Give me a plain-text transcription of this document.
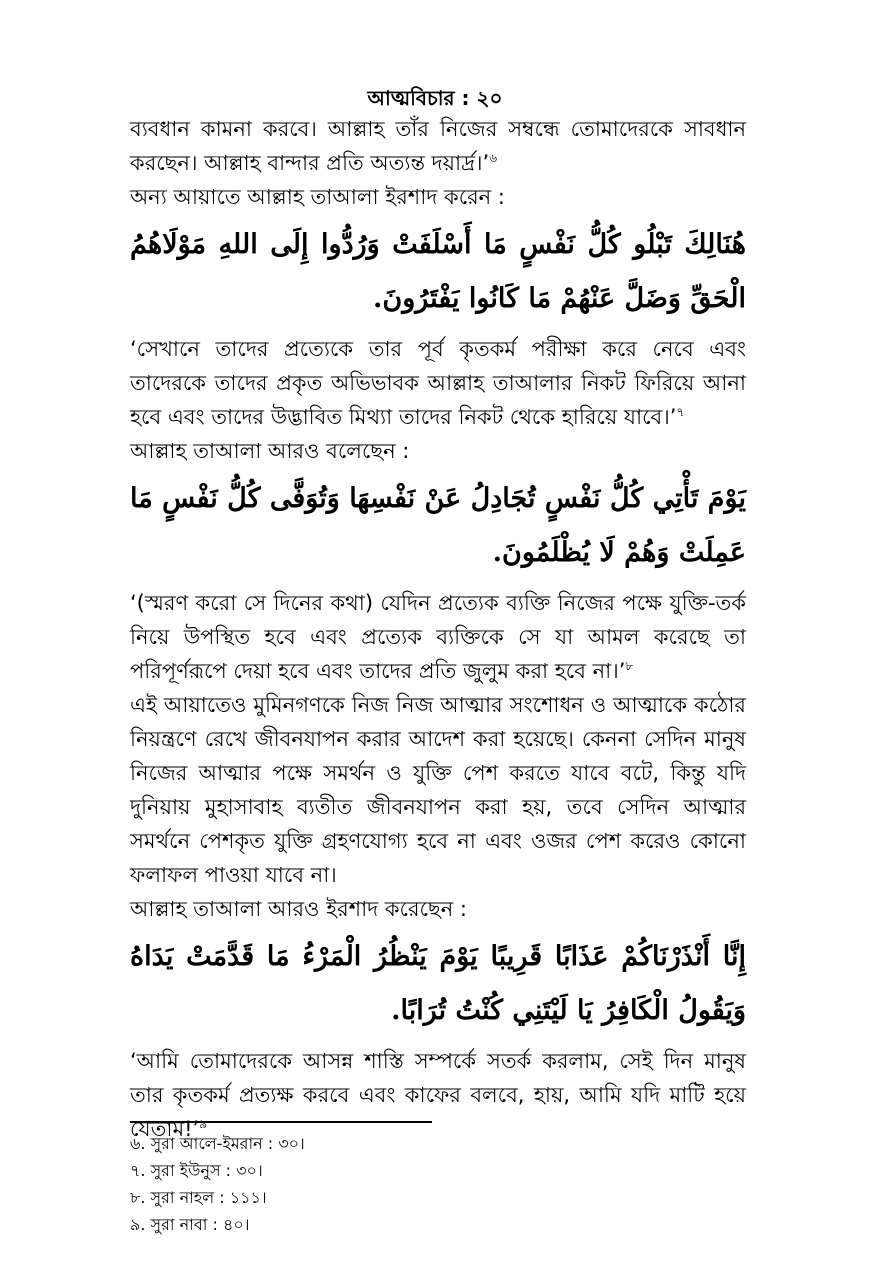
আত্মবিচার : ২০

ব্যবধান কামনা করবে। আল্লাহ তাঁর নিজের সম্বন্ধে তোমাদেরকে সাবধান করছেন। আল্লাহ বান্দার প্রতি অত্যন্ত দয়ার্দ্র।’$^৬$

অন্য আয়াতে আল্লাহ তাআলা ইরশাদ করেন :

هُنَالِكَ تَبْلُو كُلُّ نَفْسٍ مَا أَسْلَفَتْ وَرُدُّوا إِلَى اللهِ مَوْلَاهُمُ الْحَقِّ وَضَلَّ عَنْهُمْ مَا كَانُوا يَفْتَرُونَ.

‘সেখানে তাদের প্রত্যেকে তার পূর্ব কৃতকর্ম পরীক্ষা করে নেবে এবং তাদেরকে তাদের প্রকৃত অভিভাবক আল্লাহ তাআলার নিকট ফিরিয়ে আনা হবে এবং তাদের উদ্ভাবিত মিথ্যা তাদের নিকট থেকে হারিয়ে যাবে।’$^৭$

আল্লাহ তাআলা আরও বলেছেন :

يَوْمَ تَأْتِي كُلُّ نَفْسٍ تُجَادِلُ عَنْ نَفْسِهَا وَتُوَفَّى كُلُّ نَفْسٍ مَا عَمِلَتْ وَهُمْ لَا يُظْلَمُونَ.

‘(স্মরণ করো সে দিনের কথা) যেদিন প্রত্যেক ব্যক্তি নিজের পক্ষে যুক্তি-তর্ক নিয়ে উপস্থিত হবে এবং প্রত্যেক ব্যক্তিকে সে যা আমল করেছে তা পরিপূর্ণরূপে দেয়া হবে এবং তাদের প্রতি জুলুম করা হবে না।’$^৮$

এই আয়াতেও মুমিনগণকে নিজ নিজ আত্মার সংশোধন ও আত্মাকে কঠোর নিয়ন্ত্রণে রেখে জীবনযাপন করার আদেশ করা হয়েছে। কেননা সেদিন মানুষ নিজের আত্মার পক্ষে সমর্থন ও যুক্তি পেশ করতে যাবে বটে, কিন্তু যদি দুনিয়ায় মুহাসাবাহ ব্যতীত জীবনযাপন করা হয়, তবে সেদিন আত্মার সমর্থনে পেশকৃত যুক্তি গ্রহণযোগ্য হবে না এবং ওজর পেশ করেও কোনো ফলাফল পাওয়া যাবে না।

আল্লাহ তাআলা আরও ইরশাদ করেছেন :

إِنَّا أَنْذَرْنَاكُمْ عَذَابًا قَرِيبًا يَوْمَ يَنْظُرُ الْمَرْءُ مَا قَدَّمَتْ يَدَاهُ وَيَقُولُ الْكَافِرُ يَا لَيْتَنِي كُنْتُ تُرَابًا.

‘আমি তোমাদেরকে আসন্ন শাস্তি সম্পর্কে সতর্ক করলাম, সেই দিন মানুষ তার কৃতকর্ম প্রত্যক্ষ করবে এবং কাফের বলবে, হায়, আমি যদি মাটি হয়ে যেতাম!’$^৯$

৬. সুরা আলে-ইমরান : ৩০।

৭. সুরা ইউনুস : ৩০।

৮. সুরা নাহল : ১১১।

৯. সুরা নাবা : ৪০।
